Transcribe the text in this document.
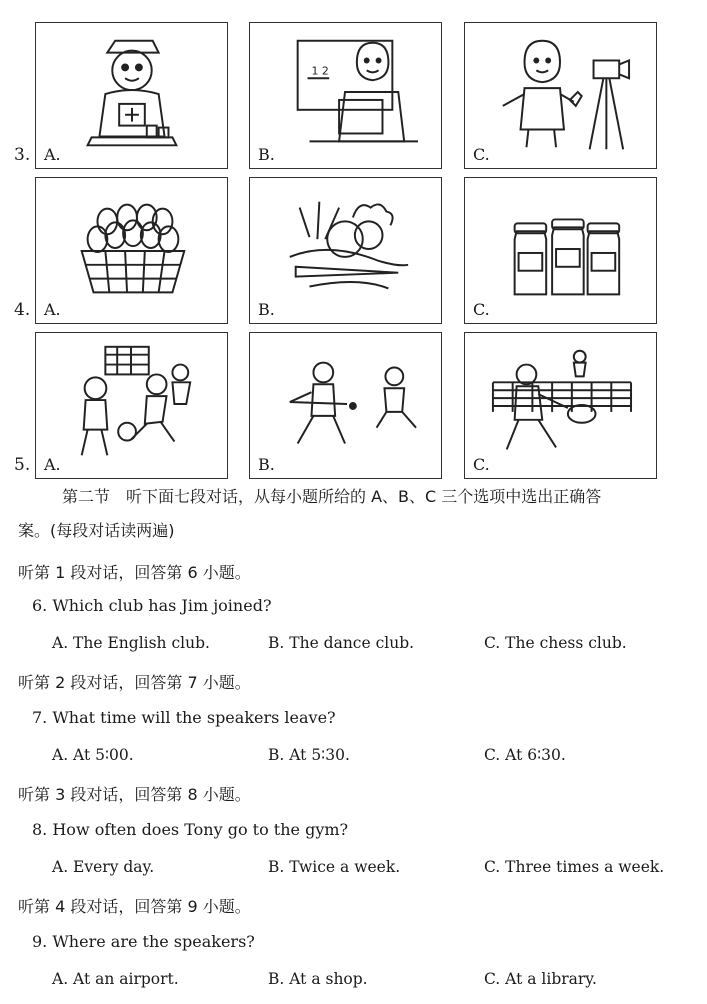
3. A.
1 2
B.	C.
4. A.	B.	C.
5. A.	B.	C.
第二节　听下面七段对话，从每小题所给的 A、B、C 三个选项中选出正确答
案。(每段对话读两遍)
听第 1 段对话，回答第 6 小题。
6. Which club has Jim joined?
A. The English club.	B. The dance club.	C. The chess club.
听第 2 段对话，回答第 7 小题。
7. What time will the speakers leave?
A. At 5∶00.	B. At 5∶30.	C. At 6∶30.
听第 3 段对话，回答第 8 小题。
8. How often does Tony go to the gym?
A. Every day.	B. Twice a week.	C. Three times a week.
听第 4 段对话，回答第 9 小题。
9. Where are the speakers?
A. At an airport.	B. At a shop.	C. At a library.
